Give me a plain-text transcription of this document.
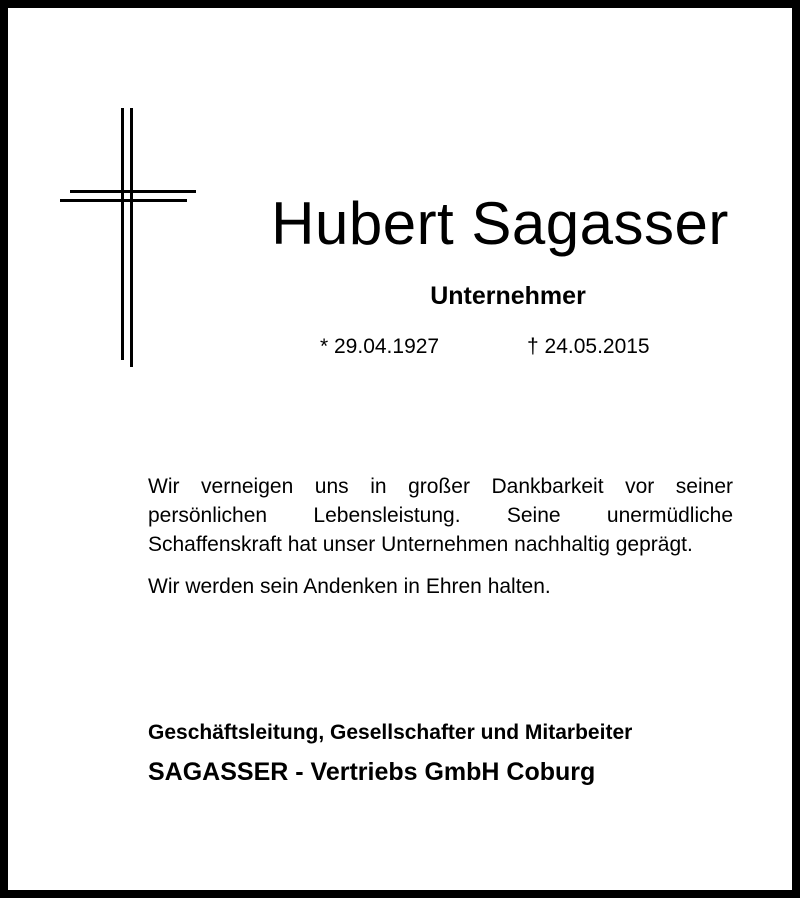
Hubert Sagasser
Unternehmer
* 29.04.1927	† 24.05.2015

Wir verneigen uns in großer Dankbarkeit vor seiner persönlichen Lebensleistung. Seine unermüdliche Schaffenskraft hat unser Unternehmen nachhaltig geprägt.

Wir werden sein Andenken in Ehren halten.

Geschäftsleitung, Gesellschafter und Mitarbeiter
SAGASSER - Vertriebs GmbH Coburg
